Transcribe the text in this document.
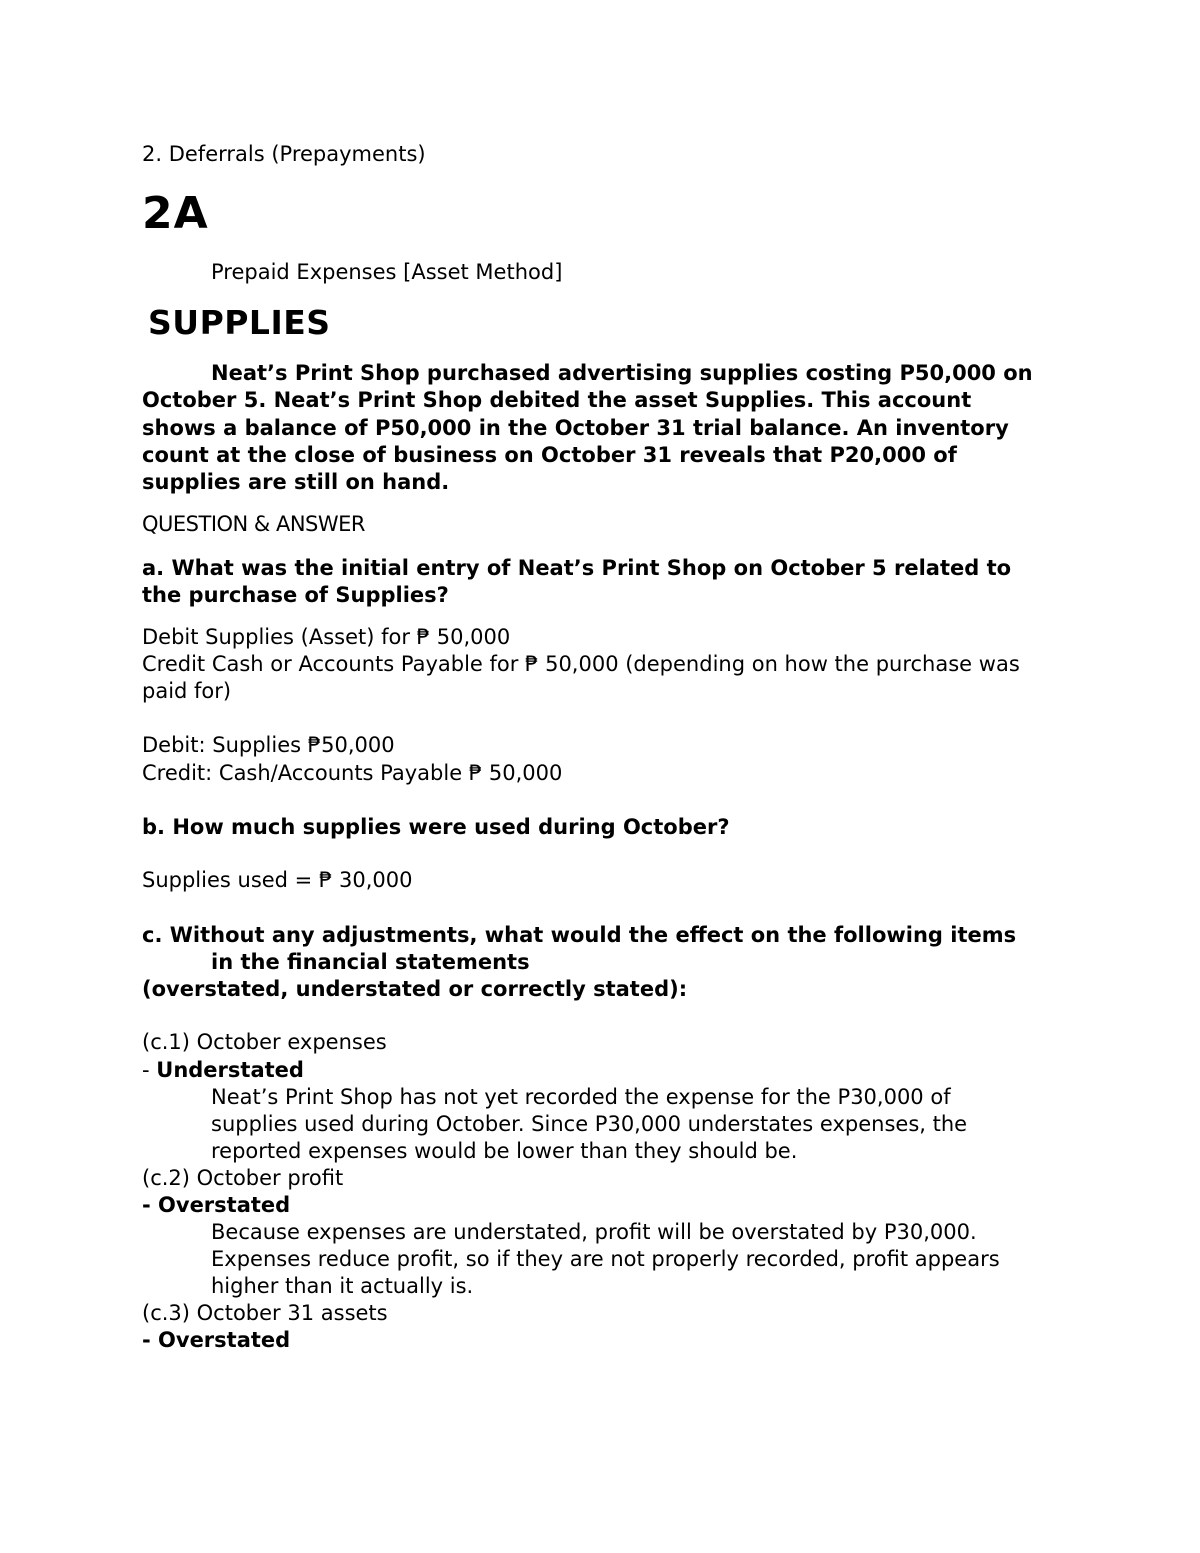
2. Deferrals (Prepayments)

2A

Prepaid Expenses [Asset Method]

SUPPLIES

Neat’s Print Shop purchased advertising supplies costing P50,000 on

October 5. Neat’s Print Shop debited the asset Supplies. This account

shows a balance of P50,000 in the October 31 trial balance. An inventory

count at the close of business on October 31 reveals that P20,000 of

supplies are still on hand.

QUESTION & ANSWER

a. What was the initial entry of Neat’s Print Shop on October 5 related to

the purchase of Supplies?

Debit Supplies (Asset) for ₱ 50,000

Credit Cash or Accounts Payable for ₱ 50,000 (depending on how the purchase was

paid for)

Debit: Supplies ₱50,000

Credit: Cash/Accounts Payable ₱ 50,000

b. How much supplies were used during October?

Supplies used = ₱ 30,000

c. Without any adjustments, what would the effect on the following items

in the financial statements

(overstated, understated or correctly stated):

(c.1) October expenses

- Understated

Neat’s Print Shop has not yet recorded the expense for the P30,000 of

supplies used during October. Since P30,000 understates expenses, the

reported expenses would be lower than they should be.

(c.2) October profit

- Overstated

Because expenses are understated, profit will be overstated by P30,000.

Expenses reduce profit, so if they are not properly recorded, profit appears

higher than it actually is.

(c.3) October 31 assets

- Overstated
